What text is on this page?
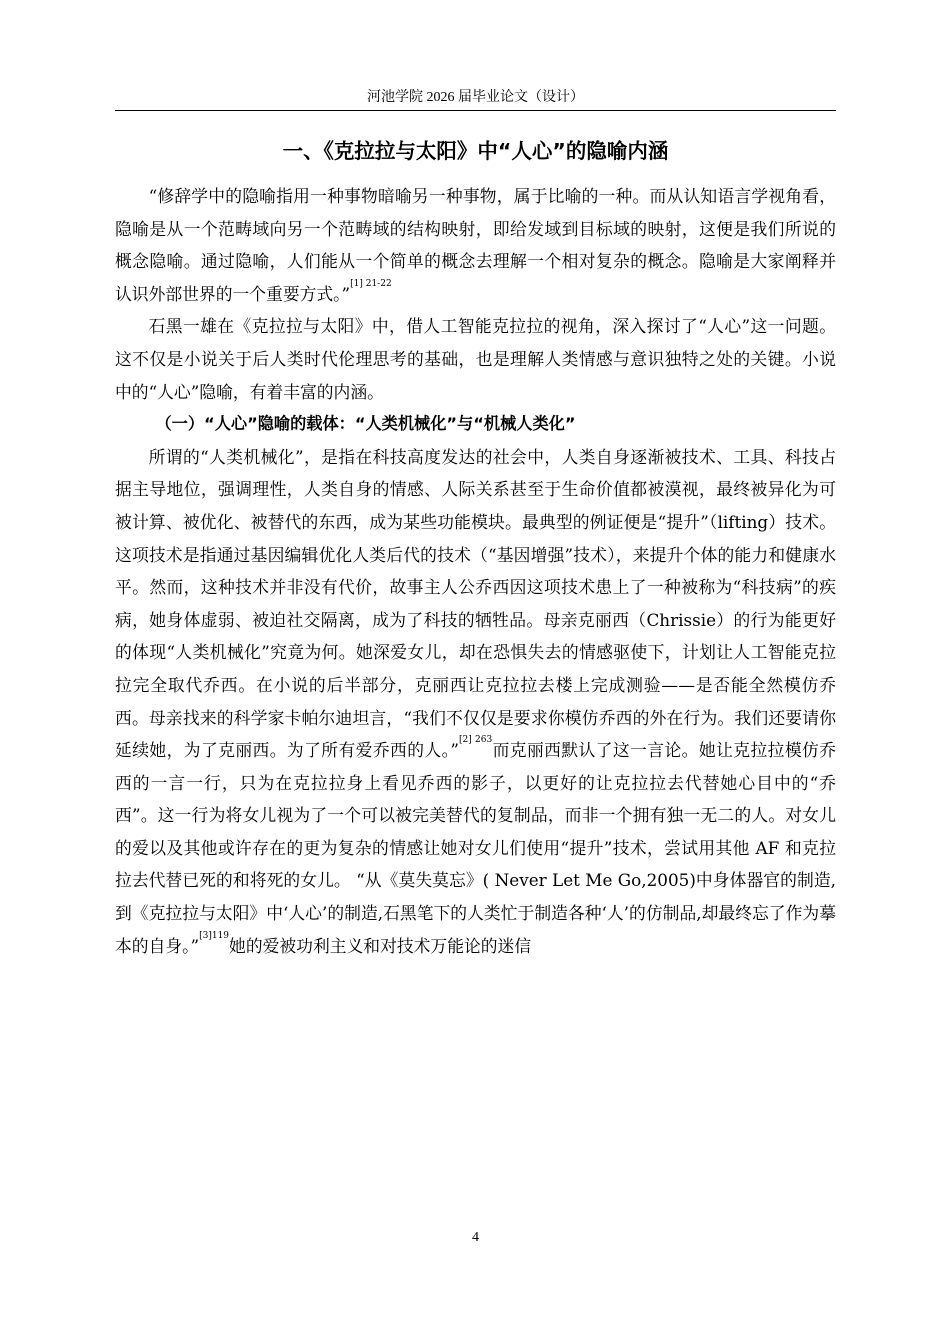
河池学院 2026 届毕业论文（设计）
一、《克拉拉与太阳》中“人心”的隐喻内涵

“修辞学中的隐喻指用一种事物暗喻另一种事物，属于比喻的一种。而从认知语言学视角看，隐喻是从一个范畴域向另一个范畴域的结构映射，即给发域到目标域的映射，这便是我们所说的概念隐喻。通过隐喻，人们能从一个简单的概念去理解一个相对复杂的概念。隐喻是大家阐释并认识外部世界的一个重要方式。”$^{[1] 21-22}$

石黑一雄在《克拉拉与太阳》中，借人工智能克拉拉的视角，深入探讨了“人心”这一问题。这不仅是小说关于后人类时代伦理思考的基础，也是理解人类情感与意识独特之处的关键。小说中的“人心”隐喻，有着丰富的内涵。

（一）“人心”隐喻的载体：“人类机械化”与“机械人类化”

所谓的“人类机械化”，是指在科技高度发达的社会中，人类自身逐渐被技术、工具、科技占据主导地位，强调理性，人类自身的情感、人际关系甚至于生命价值都被漠视，最终被异化为可被计算、被优化、被替代的东西，成为某些功能模块。最典型的例证便是“提升”（lifting）技术。这项技术是指通过基因编辑优化人类后代的技术（“基因增强”技术），来提升个体的能力和健康水平。然而，这种技术并非没有代价，故事主人公乔西因这项技术患上了一种被称为“科技病”的疾病，她身体虚弱、被迫社交隔离，成为了科技的牺牲品。母亲克丽西（Chrissie）的行为能更好的体现“人类机械化”究竟为何。她深爱女儿，却在恐惧失去的情感驱使下，计划让人工智能克拉拉完全取代乔西。在小说的后半部分，克丽西让克拉拉去楼上完成测验——是否能全然模仿乔西。母亲找来的科学家卡帕尔迪坦言，“我们不仅仅是要求你模仿乔西的外在行为。我们还要请你延续她，为了克丽西。为了所有爱乔西的人。”$^{[2] 263}$而克丽西默认了这一言论。她让克拉拉模仿乔西的一言一行，只为在克拉拉身上看见乔西的影子，以更好的让克拉拉去代替她心目中的“乔西”。这一行为将女儿视为了一个可以被完美替代的复制品，而非一个拥有独一无二的人。对女儿的爱以及其他或许存在的更为复杂的情感让她对女儿们使用“提升”技术，尝试用其他 AF 和克拉拉去代替已死的和将死的女儿。 “从《莫失莫忘》( Never Let Me Go,2005)中身体器官的制造,到《克拉拉与太阳》中‘人心’的制造,石黑笔下的人类忙于制造各种‘人’的仿制品,却最终忘了作为摹本的自身。”$^{[3]119}$她的爱被功利主义和对技术万能论的迷信

4
